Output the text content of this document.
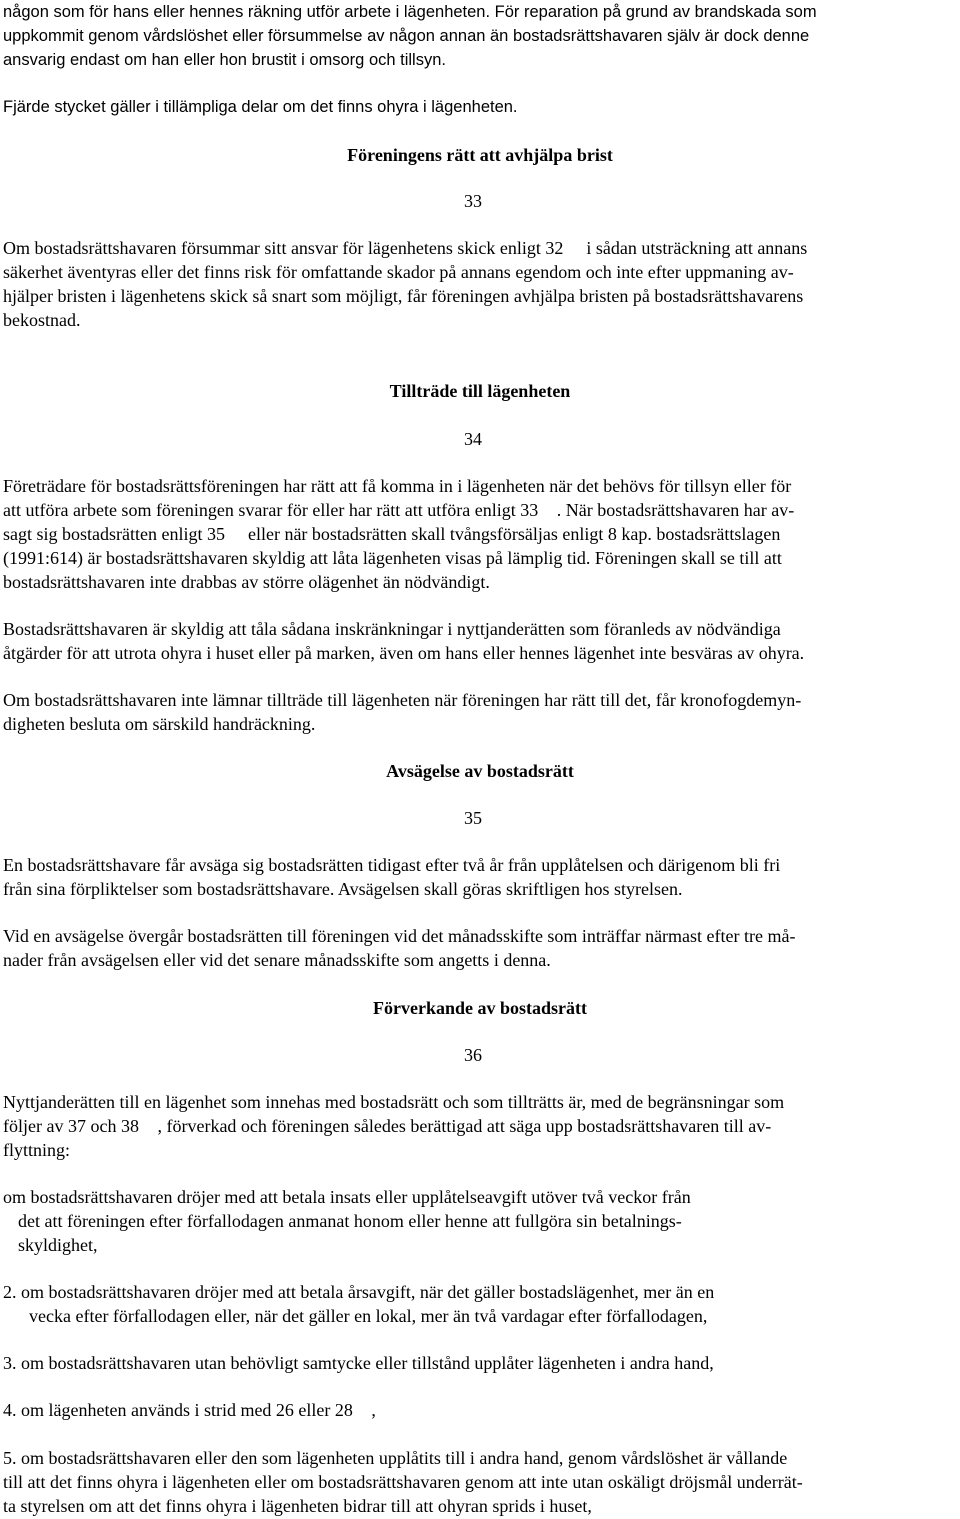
någon som för hans eller hennes räkning utför arbete i lägenheten. För reparation på grund av brandskada som
uppkommit genom vårdslöshet eller försummelse av någon annan än bostadsrättshavaren själv är dock denne
ansvarig endast om han eller hon brustit i omsorg och tillsyn.
Fjärde stycket gäller i tillämpliga delar om det finns ohyra i lägenheten.
Föreningens rätt att avhjälpa brist
33
Om bostadsrättshavaren försummar sitt ansvar för lägenhetens skick enligt 32 i sådan utsträckning att annans
säkerhet äventyras eller det finns risk för omfattande skador på annans egendom och inte efter uppmaning av-
hjälper bristen i lägenhetens skick så snart som möjligt, får föreningen avhjälpa bristen på bostadsrättshavarens
bekostnad.
Tillträde till lägenheten
34
Företrädare för bostadsrättsföreningen har rätt att få komma in i lägenheten när det behövs för tillsyn eller för
att utföra arbete som föreningen svarar för eller har rätt att utföra enligt 33 . När bostadsrättshavaren har av-
sagt sig bostadsrätten enligt 35 eller när bostadsrätten skall tvångsförsäljas enligt 8 kap. bostadsrättslagen
(1991:614) är bostadsrättshavaren skyldig att låta lägenheten visas på lämplig tid. Föreningen skall se till att
bostadsrättshavaren inte drabbas av större olägenhet än nödvändigt.
Bostadsrättshavaren är skyldig att tåla sådana inskränkningar i nyttjanderätten som föranleds av nödvändiga
åtgärder för att utrota ohyra i huset eller på marken, även om hans eller hennes lägenhet inte besväras av ohyra.
Om bostadsrättshavaren inte lämnar tillträde till lägenheten när föreningen har rätt till det, får kronofogdemyn-
digheten besluta om särskild handräckning.
Avsägelse av bostadsrätt
35
En bostadsrättshavare får avsäga sig bostadsrätten tidigast efter två år från upplåtelsen och därigenom bli fri
från sina förpliktelser som bostadsrättshavare. Avsägelsen skall göras skriftligen hos styrelsen.
Vid en avsägelse övergår bostadsrätten till föreningen vid det månadsskifte som inträffar närmast efter tre må-
nader från avsägelsen eller vid det senare månadsskifte som angetts i denna.
Förverkande av bostadsrätt
36
Nyttjanderätten till en lägenhet som innehas med bostadsrätt och som tillträtts är, med de begränsningar som
följer av 37 och 38 , förverkad och föreningen således berättigad att säga upp bostadsrättshavaren till av-
flyttning:
om bostadsrättshavaren dröjer med att betala insats eller upplåtelseavgift utöver två veckor från
det att föreningen efter förfallodagen anmanat honom eller henne att fullgöra sin betalnings-
skyldighet,
2. om bostadsrättshavaren dröjer med att betala årsavgift, när det gäller bostadslägenhet, mer än en
vecka efter förfallodagen eller, när det gäller en lokal, mer än två vardagar efter förfallodagen,
3. om bostadsrättshavaren utan behövligt samtycke eller tillstånd upplåter lägenheten i andra hand,
4. om lägenheten används i strid med 26 eller 28 ,
5. om bostadsrättshavaren eller den som lägenheten upplåtits till i andra hand, genom vårdslöshet är vållande
till att det finns ohyra i lägenheten eller om bostadsrättshavaren genom att inte utan oskäligt dröjsmål underrät-
ta styrelsen om att det finns ohyra i lägenheten bidrar till att ohyran sprids i huset,
